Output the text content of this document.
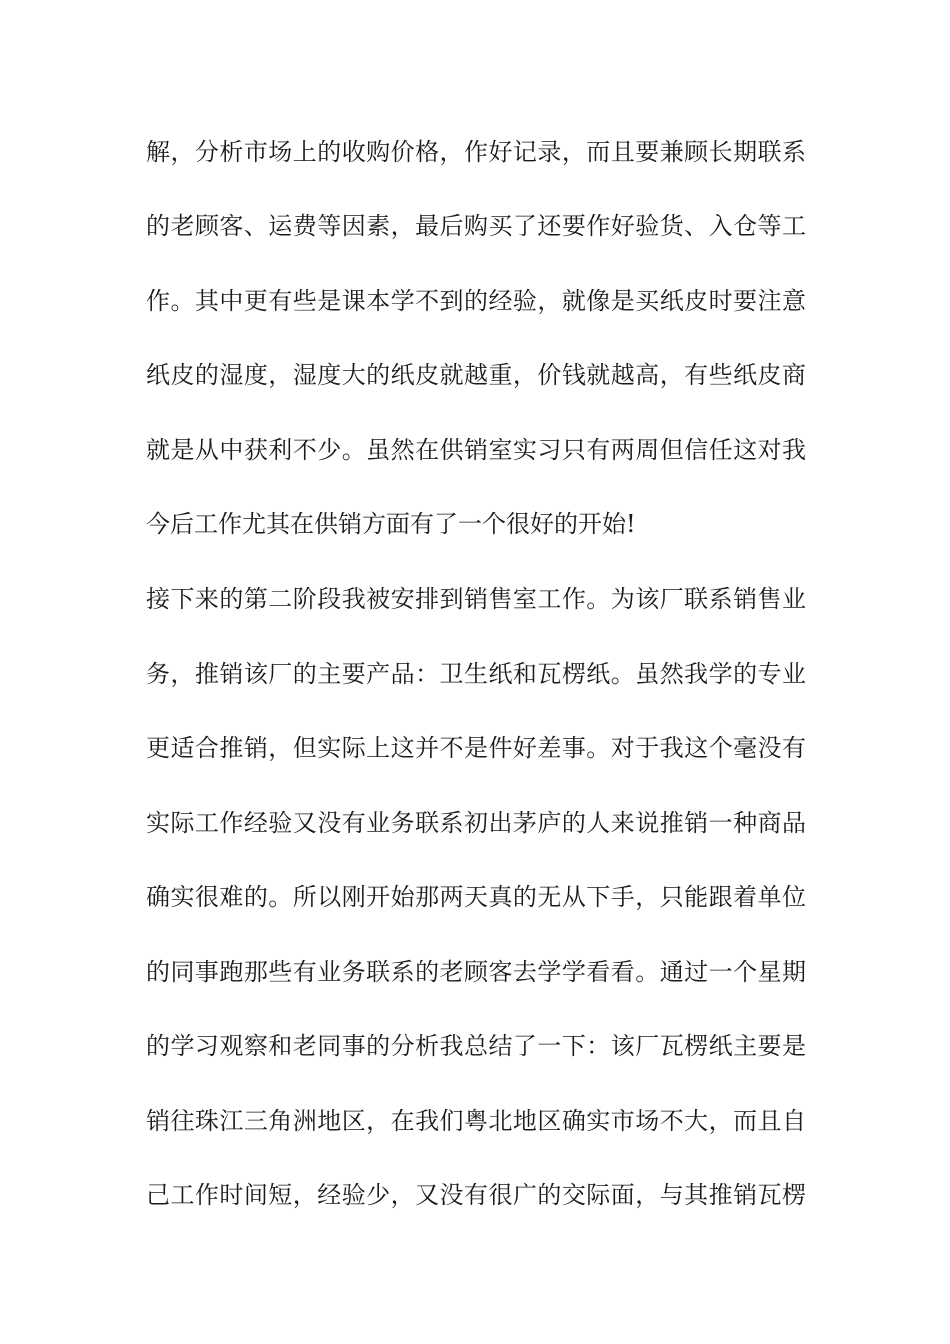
解，分析市场上的收购价格，作好记录，而且要兼顾长期联系
的老顾客、运费等因素，最后购买了还要作好验货、入仓等工
作。其中更有些是课本学不到的经验，就像是买纸皮时要注意
纸皮的湿度，湿度大的纸皮就越重，价钱就越高，有些纸皮商
就是从中获利不少。虽然在供销室实习只有两周但信任这对我
今后工作尤其在供销方面有了一个很好的开始!
接下来的第二阶段我被安排到销售室工作。为该厂联系销售业
务，推销该厂的主要产品：卫生纸和瓦楞纸。虽然我学的专业
更适合推销，但实际上这并不是件好差事。对于我这个毫没有
实际工作经验又没有业务联系初出茅庐的人来说推销一种商品
确实很难的。所以刚开始那两天真的无从下手，只能跟着单位
的同事跑那些有业务联系的老顾客去学学看看。通过一个星期
的学习观察和老同事的分析我总结了一下：该厂瓦楞纸主要是
销往珠江三角洲地区，在我们粤北地区确实市场不大，而且自
己工作时间短，经验少，又没有很广的交际面，与其推销瓦楞
